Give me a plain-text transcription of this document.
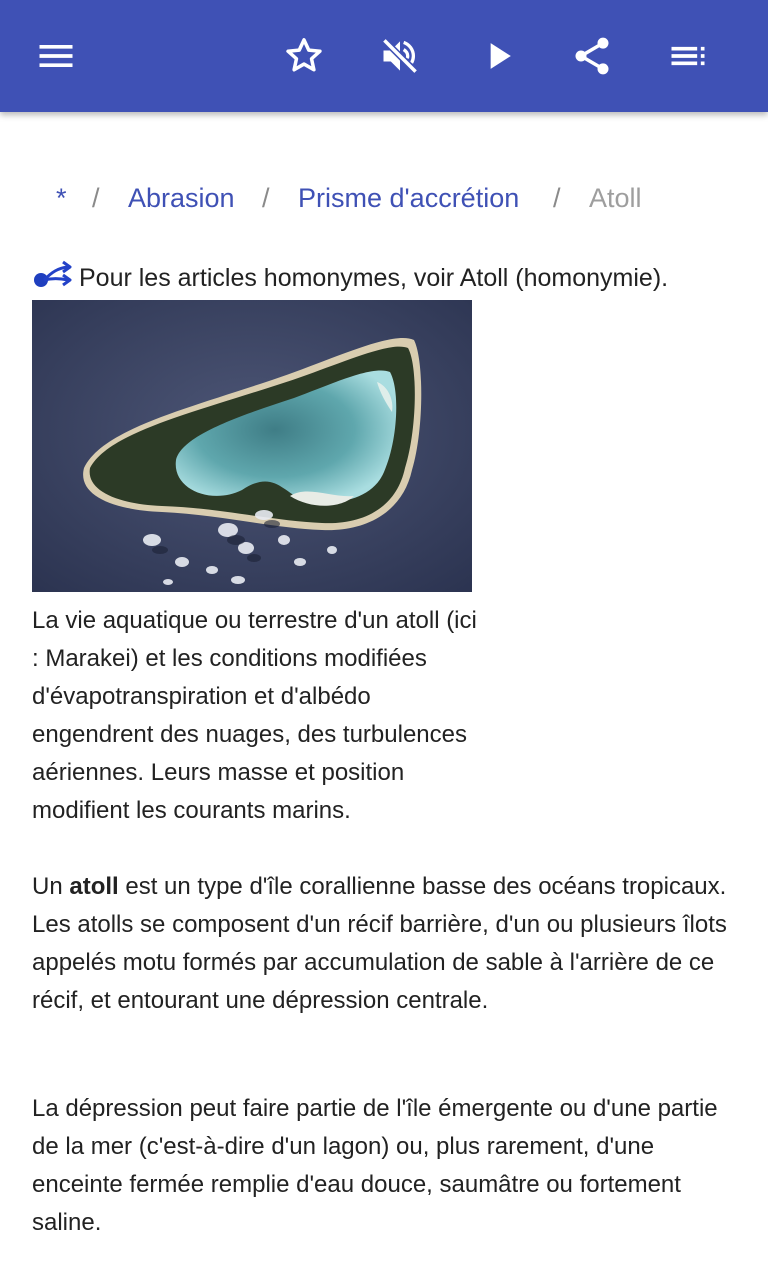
* / Abrasion / Prisme d'accrétion / Atoll
Pour les articles homonymes, voir Atoll (homonymie).
La vie aquatique ou terrestre d'un atoll (ici : Marakei) et les conditions modifiées d'évapotranspiration et d'albédo engendrent des nuages, des turbulences aériennes. Leurs masse et position modifient les courants marins.
Un atoll est un type d'île corallienne basse des océans tropicaux. Les atolls se composent d'un récif barrière, d'un ou plusieurs îlots appelés motu formés par accumulation de sable à l'arrière de ce récif, et entourant une dépression centrale.
La dépression peut faire partie de l'île émergente ou d'une partie de la mer (c'est-à-dire d'un lagon) ou, plus rarement, d'une enceinte fermée remplie d'eau douce, saumâtre ou fortement saline.
